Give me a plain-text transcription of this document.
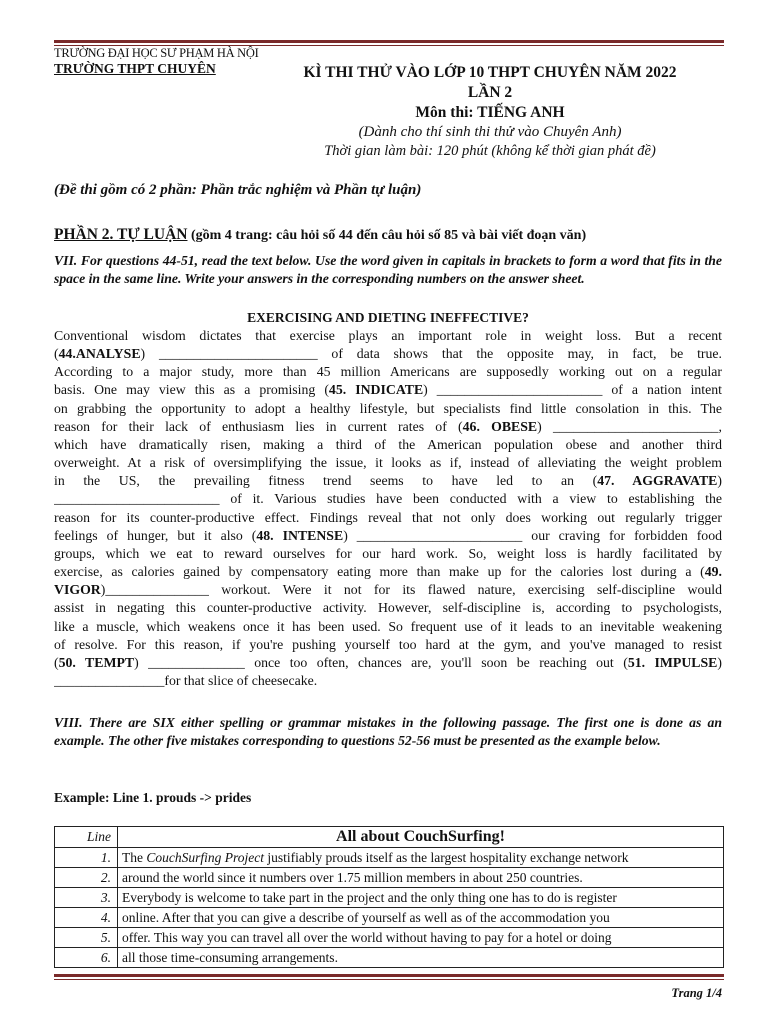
TRƯỜNG ĐẠI HỌC SƯ PHẠM HÀ NỘI
TRƯỜNG THPT CHUYÊN	KÌ THI THỬ VÀO LỚP 10 THPT CHUYÊN NĂM 2022
LẦN 2
Môn thi: TIẾNG ANH
(Dành cho thí sinh thi thử vào Chuyên Anh)
Thời gian làm bài: 120 phút (không kể thời gian phát đề)
(Đề thi gồm có 2 phần: Phần trắc nghiệm và Phần tự luận)
PHẦN 2. TỰ LUẬN (gồm 4 trang: câu hỏi số 44 đến câu hỏi số 85 và bài viết đoạn văn)
VII. For questions 44-51, read the text below. Use the word given in capitals in brackets to form a word that fits in the space in the same line. Write your answers in the corresponding numbers on the answer sheet.
EXERCISING AND DIETING INEFFECTIVE?
Conventional wisdom dictates that exercise plays an important role in weight loss. But a recent
(44.ANALYSE) _______________________ of data shows that the opposite may, in fact, be true.
According to a major study, more than 45 million Americans are supposedly working out on a regular
basis. One may view this as a promising (45. INDICATE) ________________________ of a nation intent
on grabbing the opportunity to adopt a healthy lifestyle, but specialists find little consolation in this. The
reason for their lack of enthusiasm lies in current rates of (46. OBESE) ________________________,
which have dramatically risen, making a third of the American population obese and another third
overweight. At a risk of oversimplifying the issue, it looks as if, instead of alleviating the weight problem
in the US, the prevailing fitness trend seems to have led to an (47. AGGRAVATE)
________________________ of it. Various studies have been conducted with a view to establishing the
reason for its counter-productive effect. Findings reveal that not only does working out regularly trigger
feelings of hunger, but it also (48. INTENSE) ________________________ our craving for forbidden food
groups, which we eat to reward ourselves for our hard work. So, weight loss is hardly facilitated by
exercise, as calories gained by compensatory eating more than make up for the calories lost during a (49.
VIGOR)_______________ workout. Were it not for its flawed nature, exercising self-discipline would
assist in negating this counter-productive activity. However, self-discipline is, according to psychologists,
like a muscle, which weakens once it has been used. So frequent use of it leads to an inevitable weakening
of resolve. For this reason, if you're pushing yourself too hard at the gym, and you've managed to resist
(50. TEMPT) ______________ once too often, chances are, you'll soon be reaching out (51. IMPULSE)
________________for that slice of cheesecake.
VIII. There are SIX either spelling or grammar mistakes in the following passage. The first one is done as an example. The other five mistakes corresponding to questions 52-56 must be presented as the example below.
Example: Line 1. prouds -> prides
Line	All about CouchSurfing!
1.	The CouchSurfing Project justifiably prouds itself as the largest hospitality exchange network
2.	around the world since it numbers over 1.75 million members in about 250 countries.
3.	Everybody is welcome to take part in the project and the only thing one has to do is register
4.	online. After that you can give a describe of yourself as well as of the accommodation you
5.	offer. This way you can travel all over the world without having to pay for a hotel or doing
6.	all those time-consuming arrangements.
Trang 1/4
